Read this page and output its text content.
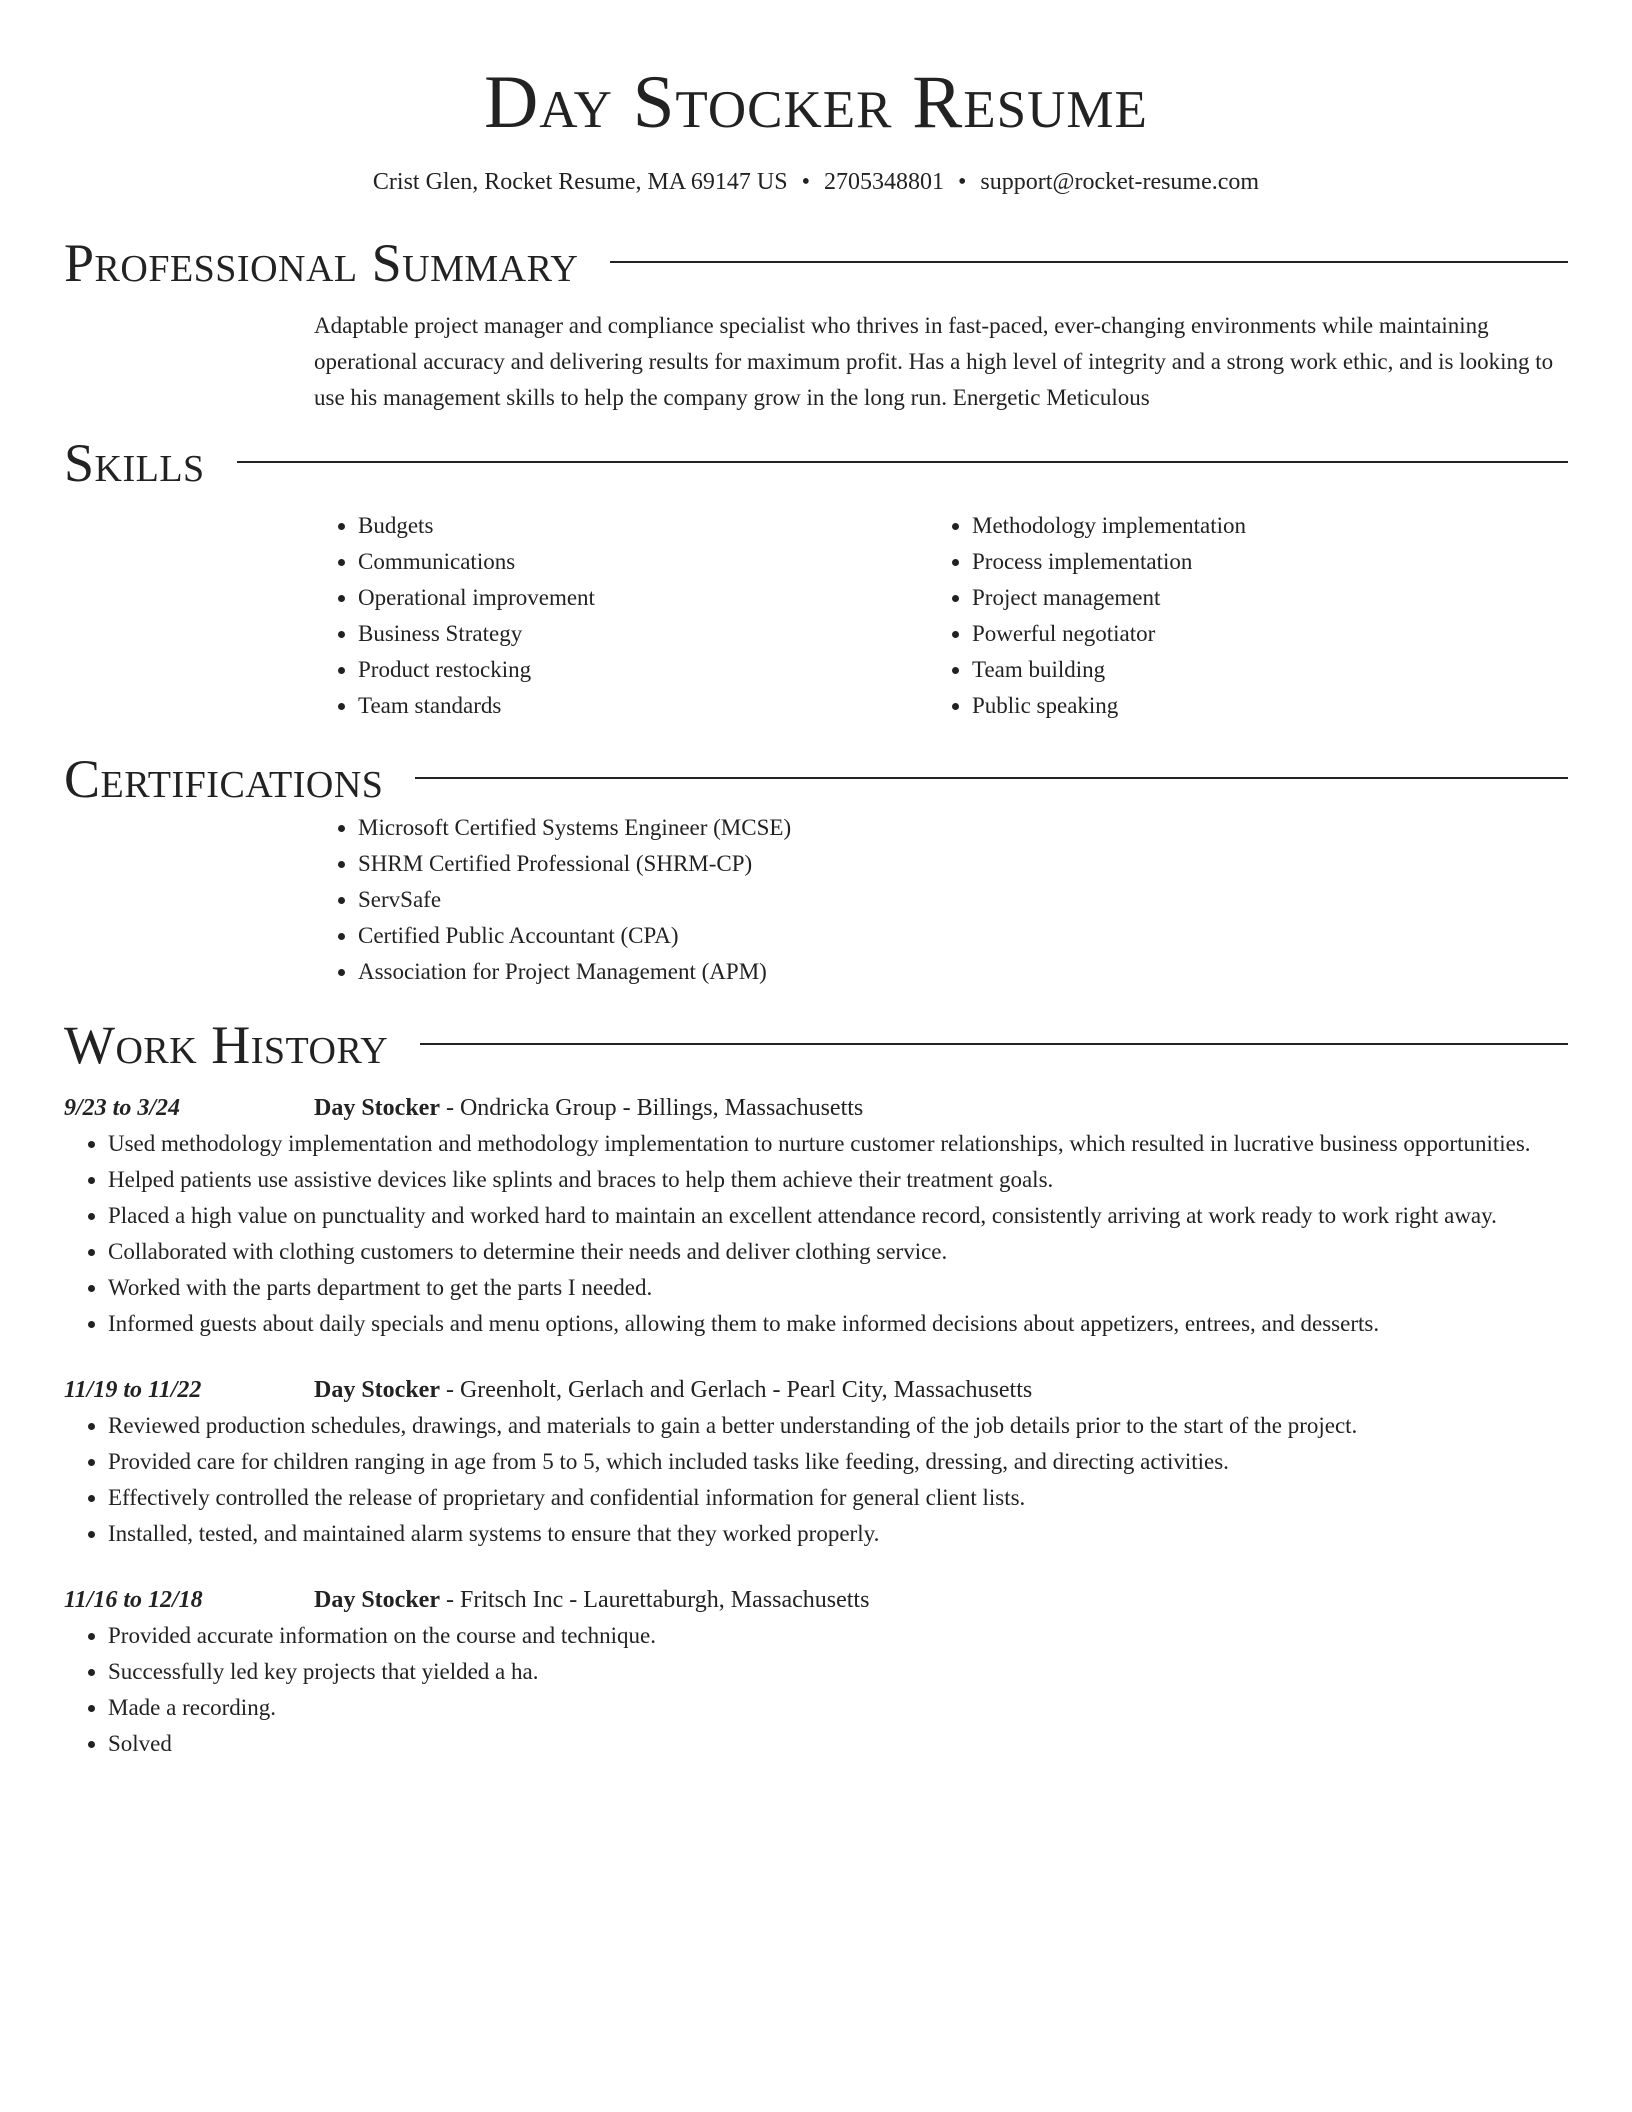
Day Stocker Resume
Crist Glen, Rocket Resume, MA 69147 US • 2705348801 • support@rocket-resume.com
Professional Summary

Adaptable project manager and compliance specialist who thrives in fast-paced, ever-changing environments while maintaining operational accuracy and delivering results for maximum profit. Has a high level of integrity and a strong work ethic, and is looking to use his management skills to help the company grow in the long run. Energetic Meticulous

Skills
• Budgets
• Communications
• Operational improvement
• Business Strategy
• Product restocking
• Team standards
• Methodology implementation
• Process implementation
• Project management
• Powerful negotiator
• Team building
• Public speaking
Certifications
• Microsoft Certified Systems Engineer (MCSE)
• SHRM Certified Professional (SHRM-CP)
• ServSafe
• Certified Public Accountant (CPA)
• Association for Project Management (APM)
Work History
9/23 to 3/24	Day Stocker - Ondricka Group - Billings, Massachusetts
• Used methodology implementation and methodology implementation to nurture customer relationships, which resulted in lucrative business opportunities.
• Helped patients use assistive devices like splints and braces to help them achieve their treatment goals.
• Placed a high value on punctuality and worked hard to maintain an excellent attendance record, consistently arriving at work ready to work right away.
• Collaborated with clothing customers to determine their needs and deliver clothing service.
• Worked with the parts department to get the parts I needed.
• Informed guests about daily specials and menu options, allowing them to make informed decisions about appetizers, entrees, and desserts.
11/19 to 11/22	Day Stocker - Greenholt, Gerlach and Gerlach - Pearl City, Massachusetts
• Reviewed production schedules, drawings, and materials to gain a better understanding of the job details prior to the start of the project.
• Provided care for children ranging in age from 5 to 5, which included tasks like feeding, dressing, and directing activities.
• Effectively controlled the release of proprietary and confidential information for general client lists.
• Installed, tested, and maintained alarm systems to ensure that they worked properly.
11/16 to 12/18	Day Stocker - Fritsch Inc - Laurettaburgh, Massachusetts
• Provided accurate information on the course and technique.
• Successfully led key projects that yielded a ha.
• Made a recording.
• Solved
